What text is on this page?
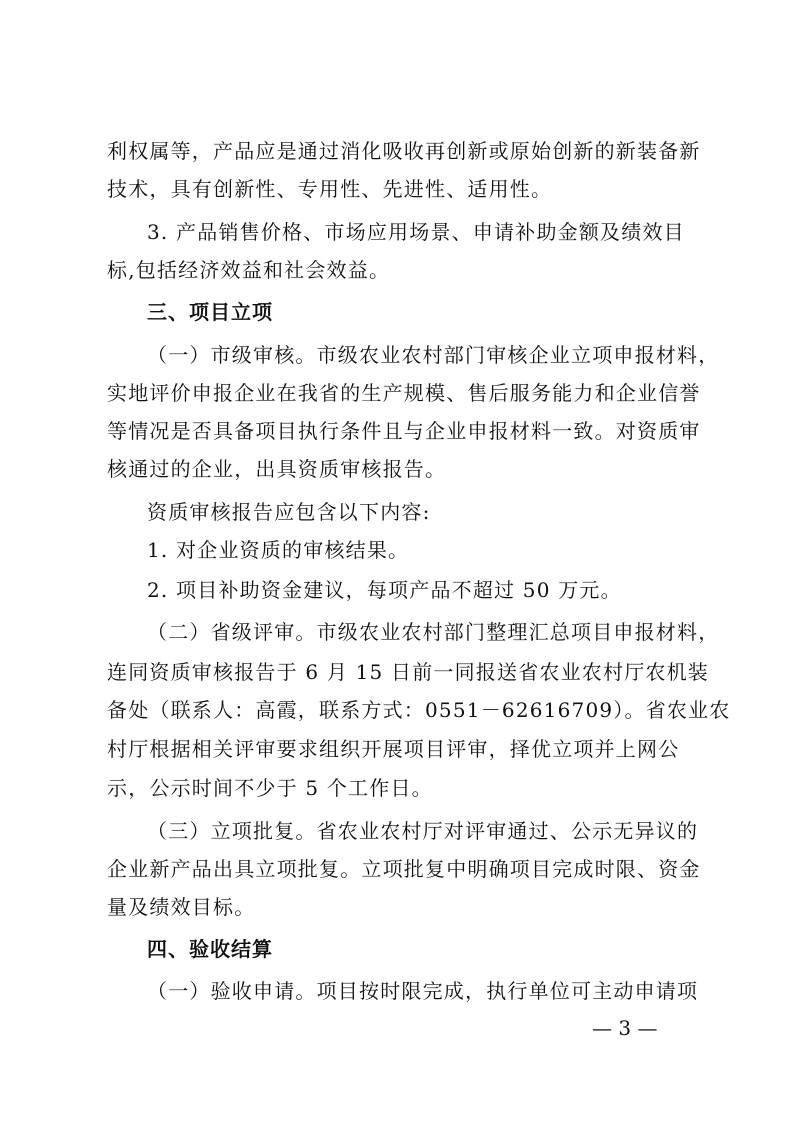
利权属等，产品应是通过消化吸收再创新或原始创新的新装备新
技术，具有创新性、专用性、先进性、适用性。
3. 产品销售价格、市场应用场景、申请补助金额及绩效目
标,包括经济效益和社会效益。
三、项目立项
（一）市级审核。市级农业农村部门审核企业立项申报材料，
实地评价申报企业在我省的生产规模、售后服务能力和企业信誉
等情况是否具备项目执行条件且与企业申报材料一致。对资质审
核通过的企业，出具资质审核报告。
资质审核报告应包含以下内容:
1. 对企业资质的审核结果。
2. 项目补助资金建议，每项产品不超过 50 万元。
（二）省级评审。市级农业农村部门整理汇总项目申报材料，
连同资质审核报告于 6 月 15 日前一同报送省农业农村厅农机装
备处（联系人：高霞，联系方式：0551－62616709）。省农业农
村厅根据相关评审要求组织开展项目评审，择优立项并上网公
示，公示时间不少于 5 个工作日。
（三）立项批复。省农业农村厅对评审通过、公示无异议的
企业新产品出具立项批复。立项批复中明确项目完成时限、资金
量及绩效目标。
四、验收结算
（一）验收申请。项目按时限完成，执行单位可主动申请项
— 3 —
